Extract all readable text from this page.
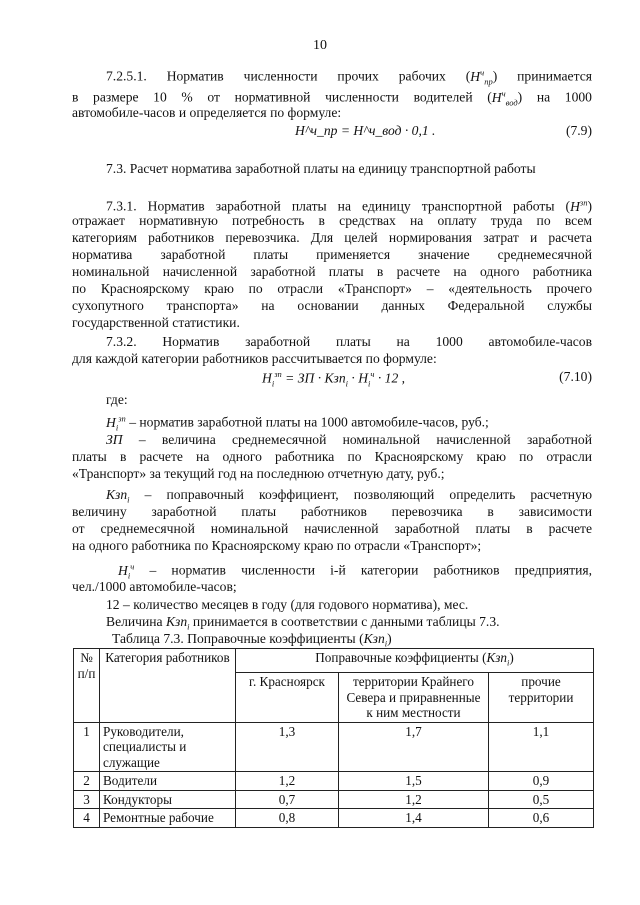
10
7.2.5.1. Норматив численности прочих рабочих $(Н^ч_{пр})$ принимается
в размере 10 % от нормативной численности водителей $(Н^ч_{вод})$ на 1000
автомобиле-часов и определяется по формуле:
Н^ч_пр = Н^ч_вод · 0,1 .	(7.9)
7.3. Расчет норматива заработной платы на единицу транспортной работы
7.3.1. Норматив заработной платы на единицу транспортной работы $(Н^{зп})$
отражает нормативную потребность в средствах на оплату труда по всем
категориям работников перевозчика. Для целей нормирования затрат и расчета
норматива заработной платы применяется значение среднемесячной
номинальной начисленной заработной платы в расчете на одного работника
по Красноярскому краю по отрасли «Транспорт» – «деятельность прочего
сухопутного транспорта» на основании данных Федеральной службы
государственной статистики.
7.3.2. Норматив заработной платы на 1000 автомобиле-часов
для каждой категории работников рассчитывается по формуле:
$Н_i^{зп}$ = ЗП · $Кзп_i \cdot Н_i^ч \cdot 12$ ,	(7.10)
где:
$Н_i^{зп}$ – норматив заработной платы на 1000 автомобиле-часов, руб.;
ЗП – величина среднемесячной номинальной начисленной заработной
платы в расчете на одного работника по Красноярскому краю по отрасли
«Транспорт» за текущий год на последнюю отчетную дату, руб.;
Кзп$_i$ – поправочный коэффициент, позволяющий определить расчетную
величину заработной платы работников перевозчика в зависимости
от среднемесячной номинальной начисленной заработной платы в расчете
на одного работника по Красноярскому краю по отрасли «Транспорт»;
$Н_i^ч$ – норматив численности i-й категории работников предприятия,
чел./1000 автомобиле-часов;
12 – количество месяцев в году (для годового норматива), мес.
Величина Кзп$_i$ принимается в соответствии с данными таблицы 7.3.
Таблица 7.3. Поправочные коэффициенты (Кзп$_i$)
№ п/п	Категория работников	Поправочные коэффициенты (Кзп$_i$)		
		г. Красноярск	территории Крайнего Севера и приравненные к ним местности	прочие территории
1	Руководители, специалисты и служащие	1,3	1,7	1,1
2	Водители	1,2	1,5	0,9
3	Кондукторы	0,7	1,2	0,5
4	Ремонтные рабочие	0,8	1,4	0,6
